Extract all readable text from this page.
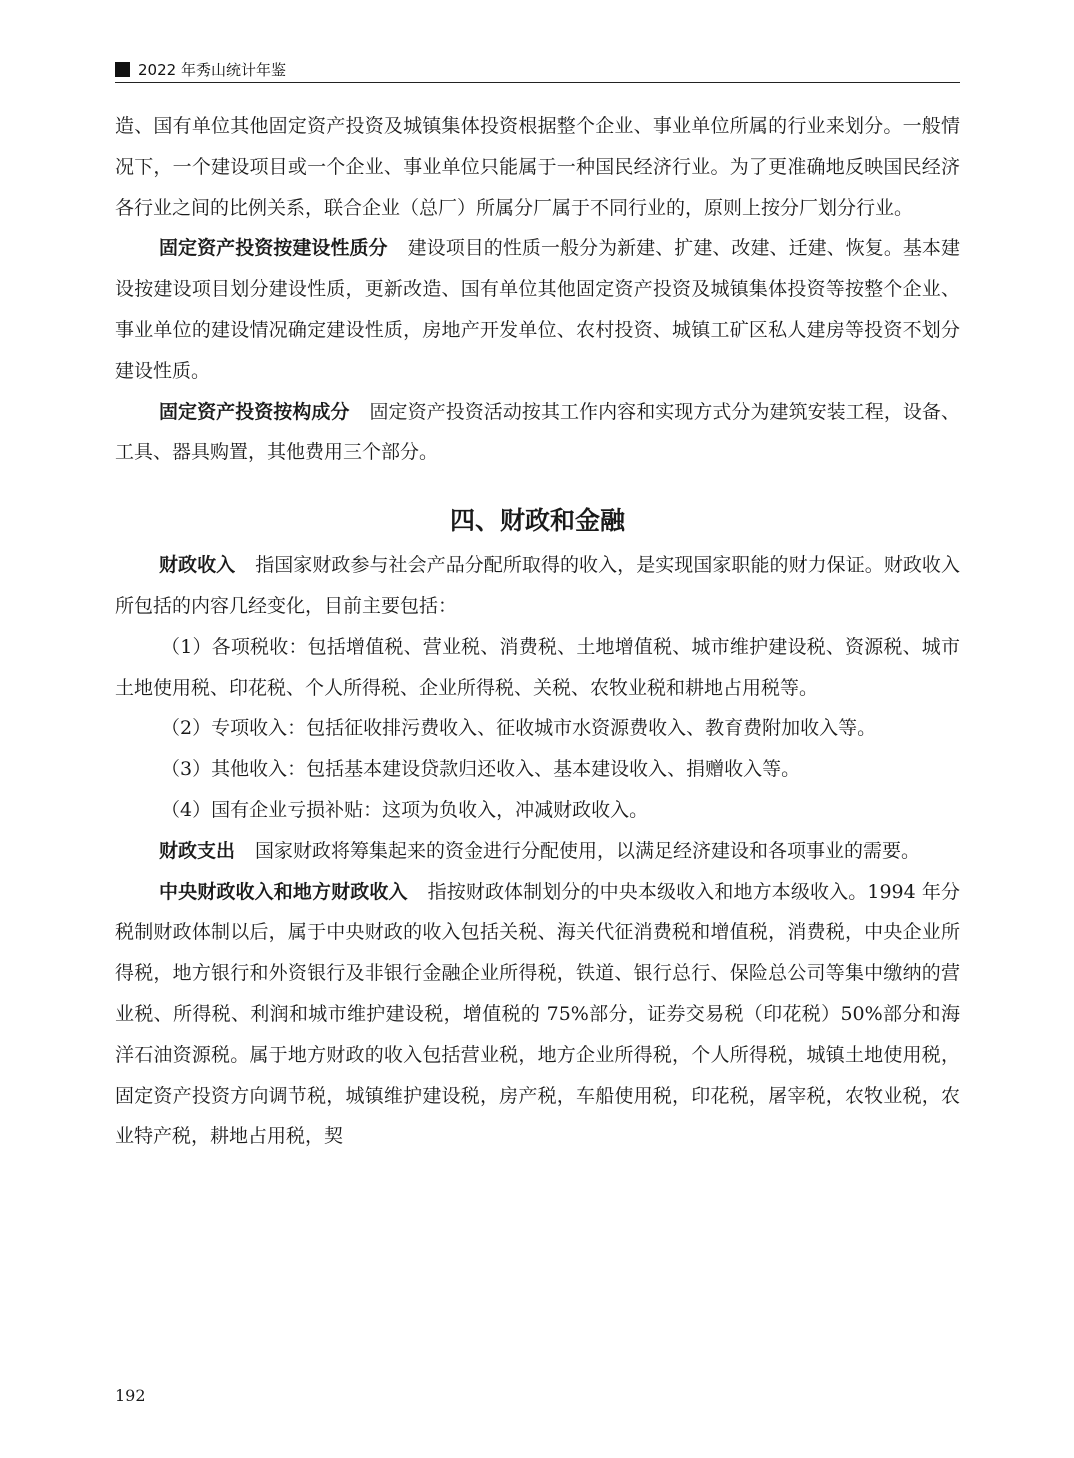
2022 年秀山统计年鉴

造、国有单位其他固定资产投资及城镇集体投资根据整个企业、事业单位所属的行业来划分。一般情况下，一个建设项目或一个企业、事业单位只能属于一种国民经济行业。为了更准确地反映国民经济各行业之间的比例关系，联合企业（总厂）所属分厂属于不同行业的，原则上按分厂划分行业。

固定资产投资按建设性质分 建设项目的性质一般分为新建、扩建、改建、迁建、恢复。基本建设按建设项目划分建设性质，更新改造、国有单位其他固定资产投资及城镇集体投资等按整个企业、事业单位的建设情况确定建设性质，房地产开发单位、农村投资、城镇工矿区私人建房等投资不划分建设性质。

固定资产投资按构成分 固定资产投资活动按其工作内容和实现方式分为建筑安装工程，设备、工具、器具购置，其他费用三个部分。

四、财政和金融

财政收入 指国家财政参与社会产品分配所取得的收入，是实现国家职能的财力保证。财政收入所包括的内容几经变化，目前主要包括：

（1）各项税收：包括增值税、营业税、消费税、土地增值税、城市维护建设税、资源税、城市土地使用税、印花税、个人所得税、企业所得税、关税、农牧业税和耕地占用税等。

（2）专项收入：包括征收排污费收入、征收城市水资源费收入、教育费附加收入等。

（3）其他收入：包括基本建设贷款归还收入、基本建设收入、捐赠收入等。

（4）国有企业亏损补贴：这项为负收入，冲减财政收入。

财政支出 国家财政将筹集起来的资金进行分配使用，以满足经济建设和各项事业的需要。

中央财政收入和地方财政收入 指按财政体制划分的中央本级收入和地方本级收入。1994 年分税制财政体制以后，属于中央财政的收入包括关税、海关代征消费税和增值税，消费税，中央企业所得税，地方银行和外资银行及非银行金融企业所得税，铁道、银行总行、保险总公司等集中缴纳的营业税、所得税、利润和城市维护建设税，增值税的 75%部分，证券交易税（印花税）50%部分和海洋石油资源税。属于地方财政的收入包括营业税，地方企业所得税，个人所得税，城镇土地使用税，固定资产投资方向调节税，城镇维护建设税，房产税，车船使用税，印花税，屠宰税，农牧业税，农业特产税，耕地占用税，契

192
